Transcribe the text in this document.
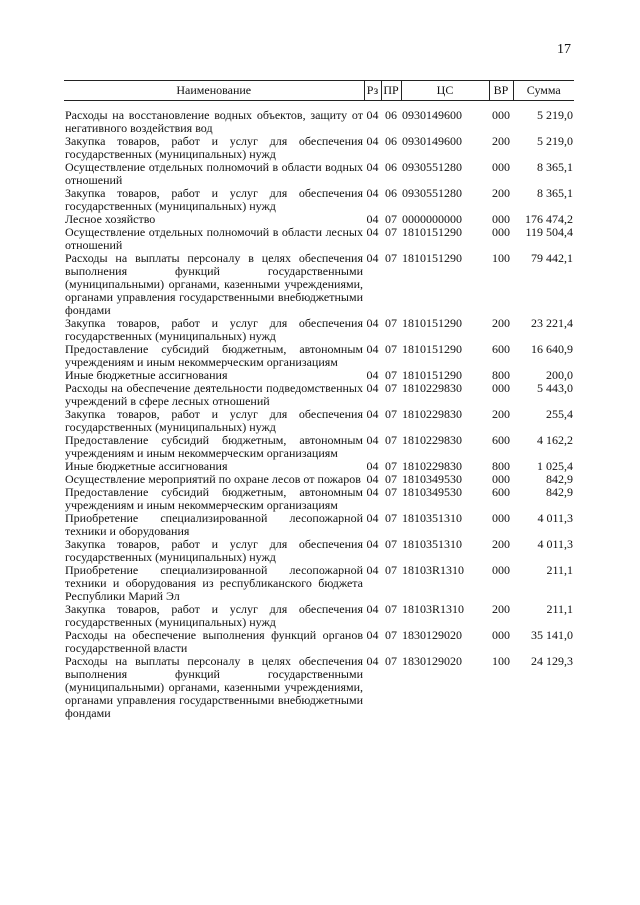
17
Наименование	Рз	ПР	ЦС	ВР	Сумма
Расходы на восстановление водных объектов, защиту от негативного воздействия вод	04	06	0930149600	000	5 219,0
Закупка товаров, работ и услуг для обеспечения государственных (муниципальных) нужд	04	06	0930149600	200	5 219,0
Осуществление отдельных полномочий в области водных отношений	04	06	0930551280	000	8 365,1
Закупка товаров, работ и услуг для обеспечения государственных (муниципальных) нужд	04	06	0930551280	200	8 365,1
Лесное хозяйство	04	07	0000000000	000	176 474,2
Осуществление отдельных полномочий в области лесных отношений	04	07	1810151290	000	119 504,4
Расходы на выплаты персоналу в целях обеспечения выполнения функций государственными (муниципальными) органами, казенными учреждениями, органами управления государственными внебюджетными фондами	04	07	1810151290	100	79 442,1
Закупка товаров, работ и услуг для обеспечения государственных (муниципальных) нужд	04	07	1810151290	200	23 221,4
Предоставление субсидий бюджетным, автономным учреждениям и иным некоммерческим организациям	04	07	1810151290	600	16 640,9
Иные бюджетные ассигнования	04	07	1810151290	800	200,0
Расходы на обеспечение деятельности подведомственных учреждений в сфере лесных отношений	04	07	1810229830	000	5 443,0
Закупка товаров, работ и услуг для обеспечения государственных (муниципальных) нужд	04	07	1810229830	200	255,4
Предоставление субсидий бюджетным, автономным учреждениям и иным некоммерческим организациям	04	07	1810229830	600	4 162,2
Иные бюджетные ассигнования	04	07	1810229830	800	1 025,4
Осуществление мероприятий по охране лесов от пожаров	04	07	1810349530	000	842,9
Предоставление субсидий бюджетным, автономным учреждениям и иным некоммерческим организациям	04	07	1810349530	600	842,9
Приобретение специализированной лесопожарной техники и оборудования	04	07	1810351310	000	4 011,3
Закупка товаров, работ и услуг для обеспечения государственных (муниципальных) нужд	04	07	1810351310	200	4 011,3
Приобретение специализированной лесопожарной техники и оборудования из республиканского бюджета Республики Марий Эл	04	07	18103R1310	000	211,1
Закупка товаров, работ и услуг для обеспечения государственных (муниципальных) нужд	04	07	18103R1310	200	211,1
Расходы на обеспечение выполнения функций органов государственной власти	04	07	1830129020	000	35 141,0
Расходы на выплаты персоналу в целях обеспечения выполнения функций государственными (муниципальными) органами, казенными учреждениями, органами управления государственными внебюджетными фондами	04	07	1830129020	100	24 129,3
